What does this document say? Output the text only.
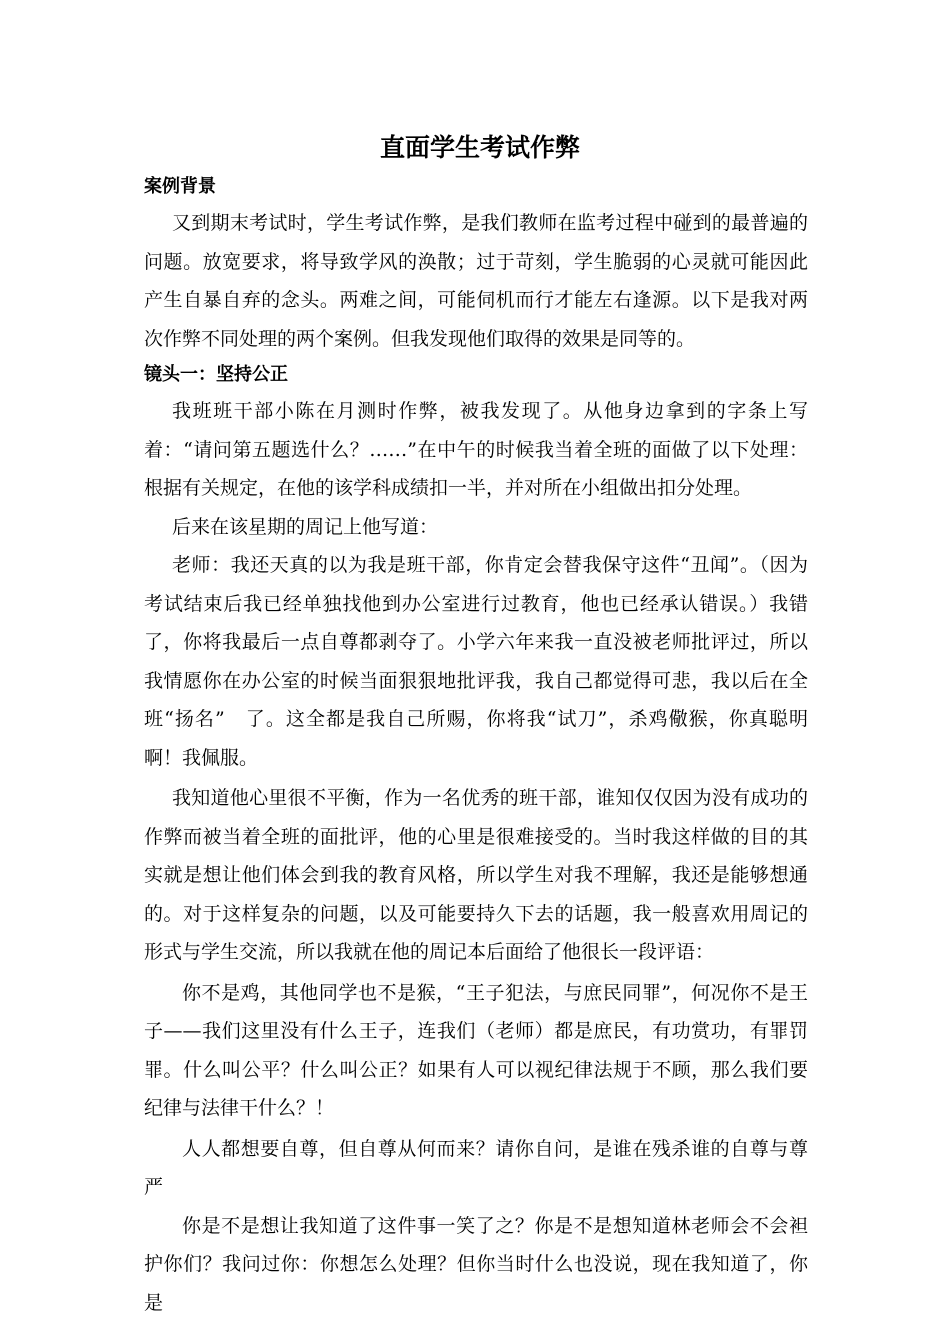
直面学生考试作弊
案例背景

又到期末考试时，学生考试作弊，是我们教师在监考过程中碰到的最普遍的问题。放宽要求，将导致学风的涣散；过于苛刻，学生脆弱的心灵就可能因此产生自暴自弃的念头。两难之间，可能伺机而行才能左右逢源。以下是我对两次作弊不同处理的两个案例。但我发现他们取得的效果是同等的。

镜头一：坚持公正

我班班干部小陈在月测时作弊，被我发现了。从他身边拿到的字条上写着：“请问第五题选什么？……”在中午的时候我当着全班的面做了以下处理：根据有关规定，在他的该学科成绩扣一半，并对所在小组做出扣分处理。

后来在该星期的周记上他写道：

老师：我还天真的以为我是班干部，你肯定会替我保守这件“丑闻”。（因为考试结束后我已经单独找他到办公室进行过教育，他也已经承认错误。）我错了，你将我最后一点自尊都剥夺了。小学六年来我一直没被老师批评过，所以我情愿你在办公室的时候当面狠狠地批评我，我自己都觉得可悲，我以后在全班“扬名”　了。这全都是我自己所赐，你将我“试刀”，杀鸡儆猴，你真聪明啊！我佩服。

我知道他心里很不平衡，作为一名优秀的班干部，谁知仅仅因为没有成功的作弊而被当着全班的面批评，他的心里是很难接受的。当时我这样做的目的其实就是想让他们体会到我的教育风格，所以学生对我不理解，我还是能够想通的。对于这样复杂的问题，以及可能要持久下去的话题，我一般喜欢用周记的形式与学生交流，所以我就在他的周记本后面给了他很长一段评语：

你不是鸡，其他同学也不是猴，“王子犯法，与庶民同罪”，何况你不是王子——我们这里没有什么王子，连我们（老师）都是庶民，有功赏功，有罪罚罪。什么叫公平？什么叫公正？如果有人可以视纪律法规于不顾，那么我们要纪律与法律干什么？！

人人都想要自尊，但自尊从何而来？请你自问，是谁在残杀谁的自尊与尊严

你是不是想让我知道了这件事一笑了之？你是不是想知道林老师会不会袒护你们？我问过你：你想怎么处理？但你当时什么也没说，现在我知道了，你是
